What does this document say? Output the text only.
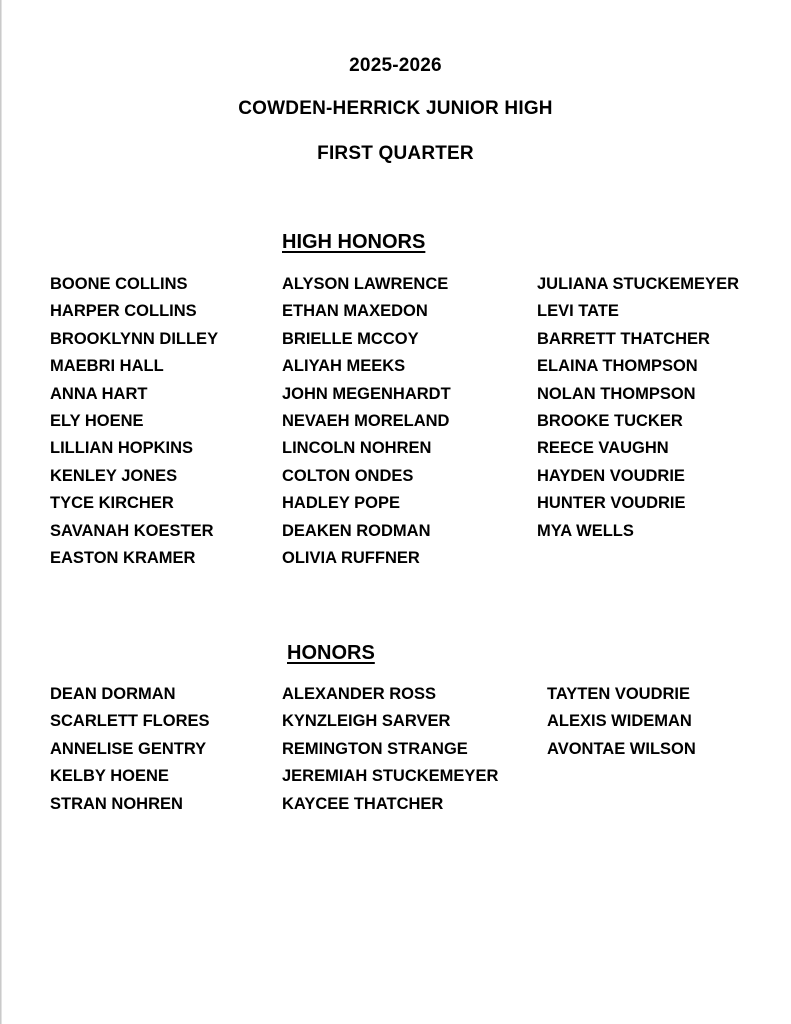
2025-2026
COWDEN-HERRICK JUNIOR HIGH
FIRST QUARTER
HIGH HONORS
BOONE COLLINS
HARPER COLLINS
BROOKLYNN DILLEY
MAEBRI HALL
ANNA HART
ELY HOENE
LILLIAN HOPKINS
KENLEY JONES
TYCE KIRCHER
SAVANAH KOESTER
EASTON KRAMER
ALYSON LAWRENCE
ETHAN MAXEDON
BRIELLE MCCOY
ALIYAH MEEKS
JOHN MEGENHARDT
NEVAEH MORELAND
LINCOLN NOHREN
COLTON ONDES
HADLEY POPE
DEAKEN RODMAN
OLIVIA RUFFNER
JULIANA STUCKEMEYER
LEVI TATE
BARRETT THATCHER
ELAINA THOMPSON
NOLAN THOMPSON
BROOKE TUCKER
REECE VAUGHN
HAYDEN VOUDRIE
HUNTER VOUDRIE
MYA WELLS
HONORS
DEAN DORMAN
SCARLETT FLORES
ANNELISE GENTRY
KELBY HOENE
STRAN NOHREN
ALEXANDER ROSS
KYNZLEIGH SARVER
REMINGTON STRANGE
JEREMIAH STUCKEMEYER
KAYCEE THATCHER
TAYTEN VOUDRIE
ALEXIS WIDEMAN
AVONTAE WILSON
